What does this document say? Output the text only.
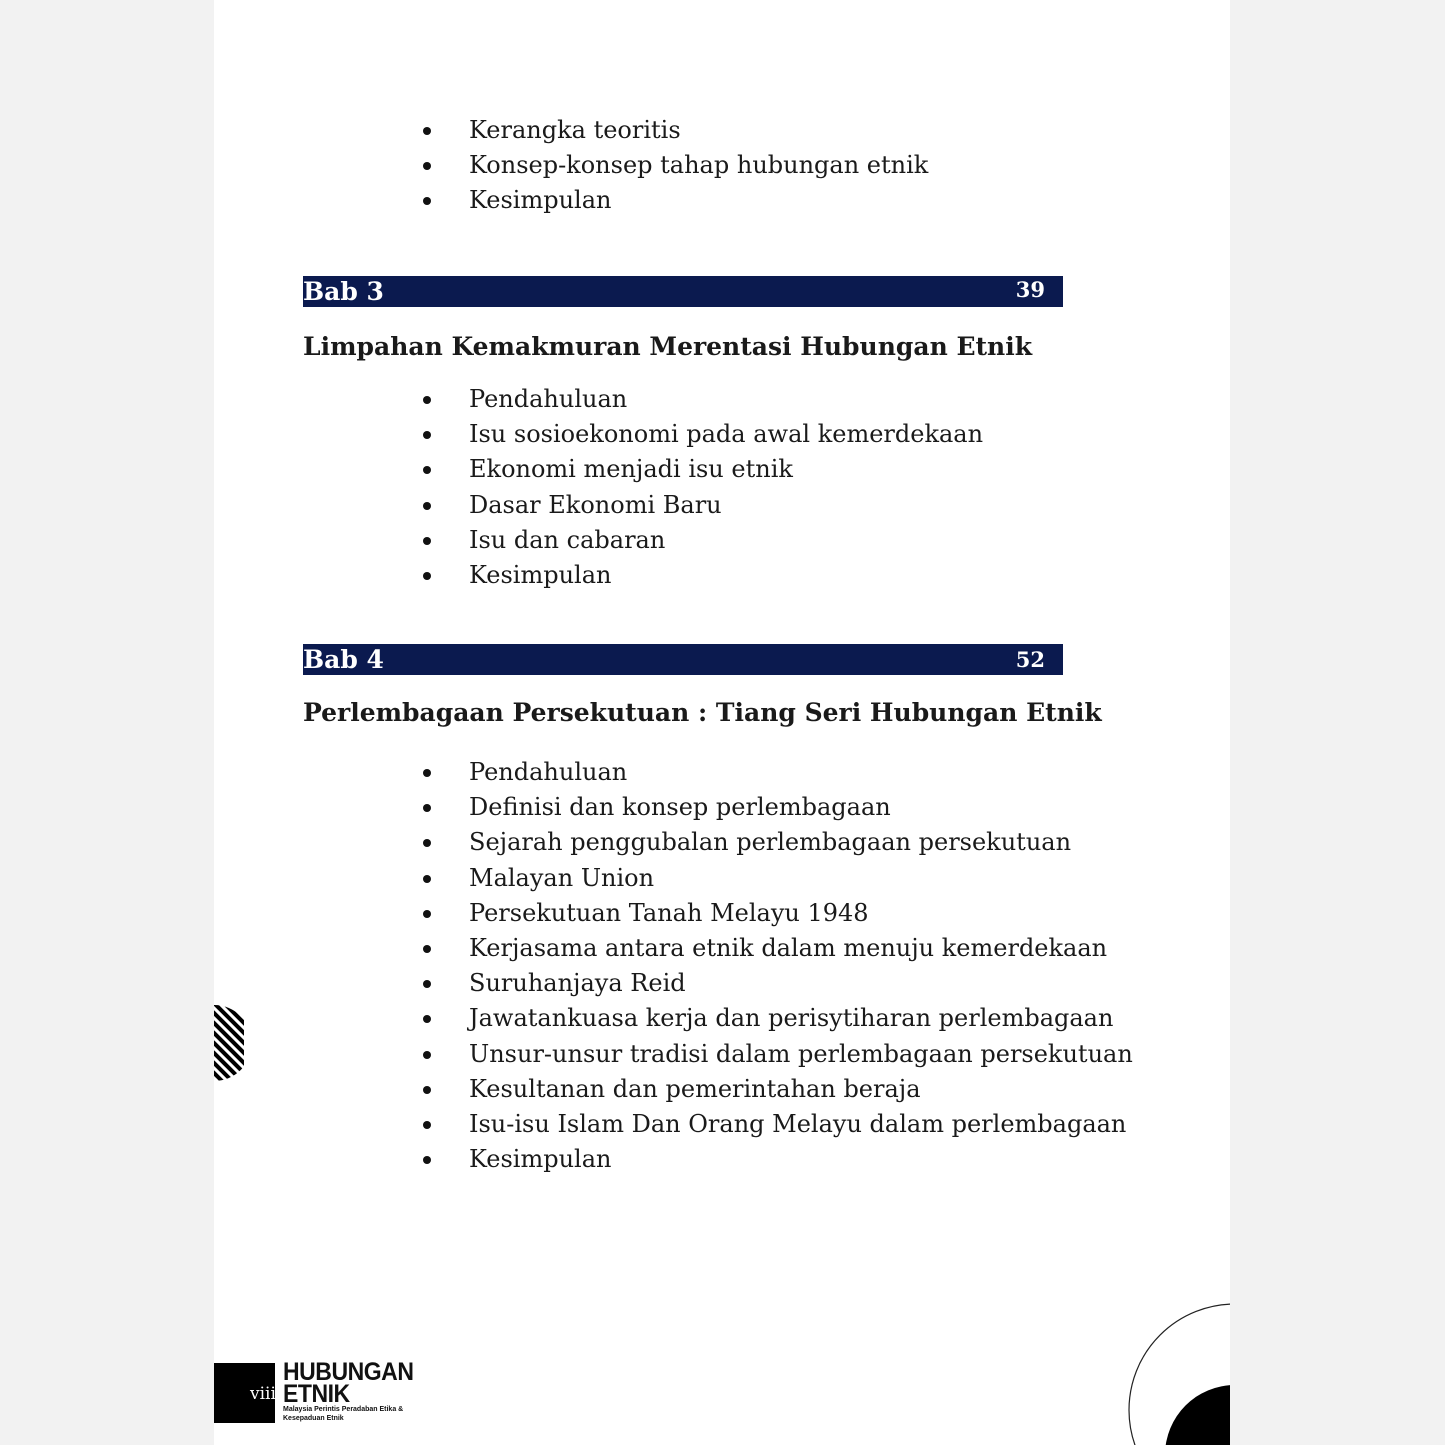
Kerangka teoritis
Konsep-konsep tahap hubungan etnik
Kesimpulan
Bab 3	39
Limpahan Kemakmuran Merentasi Hubungan Etnik
Pendahuluan
Isu sosioekonomi pada awal kemerdekaan
Ekonomi menjadi isu etnik
Dasar Ekonomi Baru
Isu dan cabaran
Kesimpulan
Bab 4	52
Perlembagaan Persekutuan : Tiang Seri Hubungan Etnik
Pendahuluan
Definisi dan konsep perlembagaan
Sejarah penggubalan perlembagaan persekutuan
Malayan Union
Persekutuan Tanah Melayu 1948
Kerjasama antara etnik dalam menuju kemerdekaan
Suruhanjaya Reid
Jawatankuasa kerja dan perisytiharan perlembagaan
Unsur-unsur tradisi dalam perlembagaan persekutuan
Kesultanan dan pemerintahan beraja
Isu-isu Islam Dan Orang Melayu dalam perlembagaan
Kesimpulan
viii
HUBUNGAN
ETNIK
Malaysia Perintis Peradaban Etika & Kesepaduan Etnik
